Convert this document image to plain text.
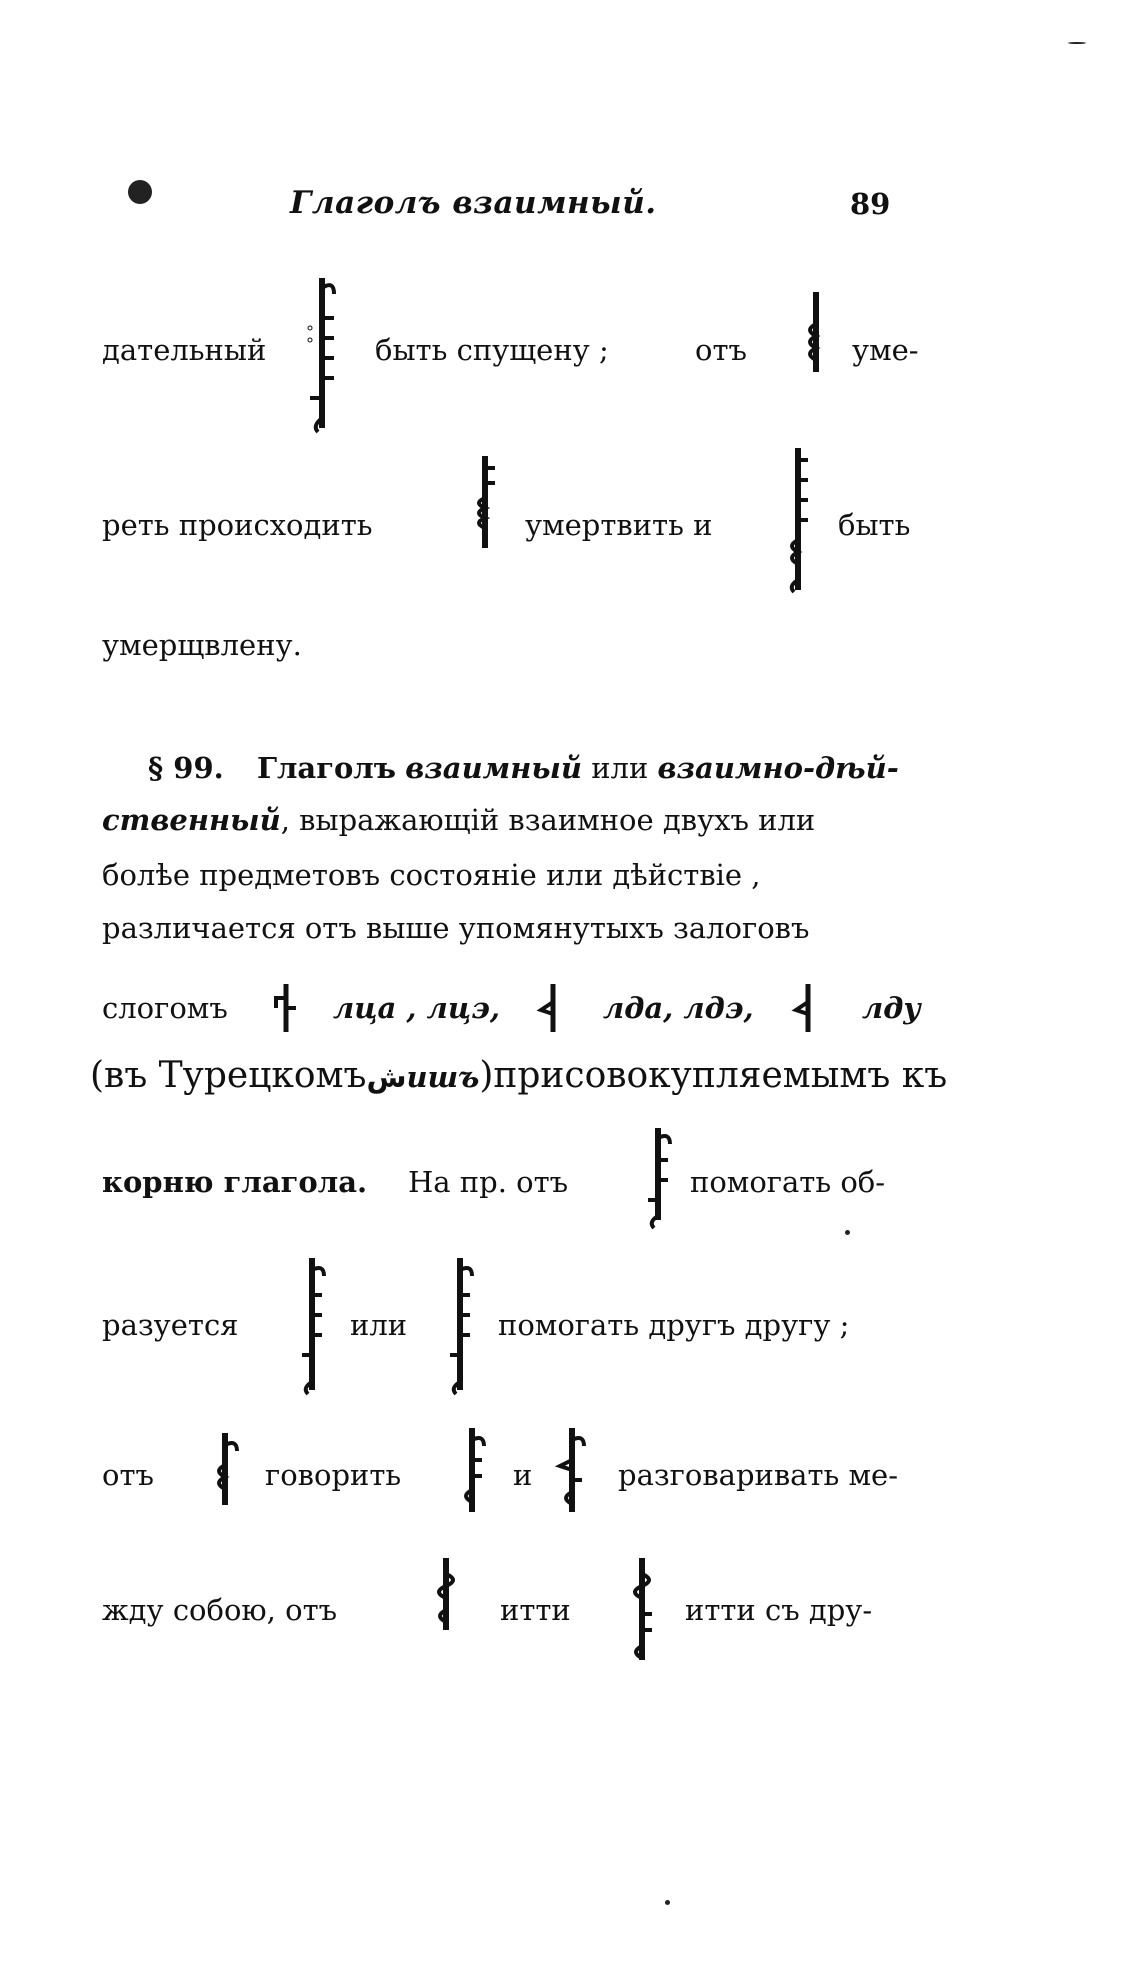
Глаголъ взаимный.	89
дательный	быть спущену ;	отъ	уме-
реть происходить	умертвить и	быть
умерщвлену.
§ 99. Глаголъ взаимный или взаимно-дѣй-
ственный, выражающій взаимное двухъ или
болѣе предметовъ состояніе или дѣйствіе ,
различается отъ выше упомянутыхъ залоговъ
слогомъ	лца , лцэ,	лда, лдэ,	лду
(въ Турецкомъشишъ)присовокупляемымъ къ
корню глагола.	На пр. отъ	помогать об-
разуется	или	помогать другъ другу ;
отъ	говорить	и	разговаривать ме-
жду собою, отъ	итти	итти съ дру-
